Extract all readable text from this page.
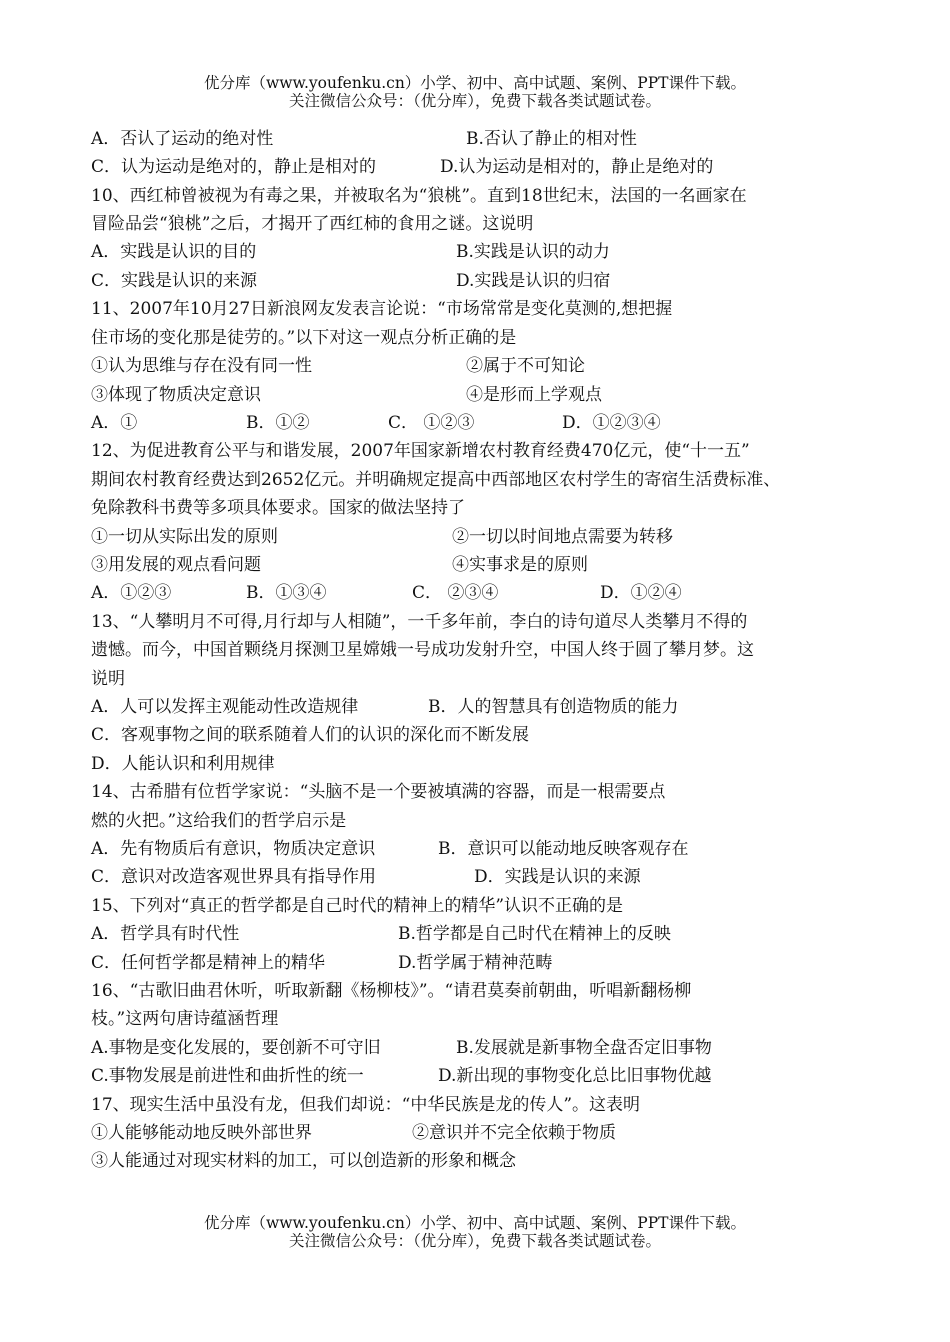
优分库（www.youfenku.cn）小学、初中、高中试题、案例、PPT课件下载。
关注微信公众号：（优分库），免费下载各类试题试卷。
A．否认了运动的绝对性	B.否认了静止的相对性
C．认为运动是绝对的，静止是相对的	D.认为运动是相对的，静止是绝对的
10、西红柿曾被视为有毒之果，并被取名为“狼桃”。直到18世纪末，法国的一名画家在
冒险品尝“狼桃”之后，才揭开了西红柿的食用之谜。这说明
A．实践是认识的目的	B.实践是认识的动力
C．实践是认识的来源	D.实践是认识的归宿
11、2007年10月27日新浪网友发表言论说：“市场常常是变化莫测的,想把握
住市场的变化那是徒劳的。”以下对这一观点分析正确的是
①认为思维与存在没有同一性	②属于不可知论
③体现了物质决定意识	④是形而上学观点
A．①	B．①②	C． ①②③	D．①②③④
12、为促进教育公平与和谐发展，2007年国家新增农村教育经费470亿元，使“十一五”
期间农村教育经费达到2652亿元。并明确规定提高中西部地区农村学生的寄宿生活费标准、
免除教科书费等多项具体要求。国家的做法坚持了
①一切从实际出发的原则	②一切以时间地点需要为转移
③用发展的观点看问题	④实事求是的原则
A．①②③	B．①③④	C． ②③④	D．①②④
13、“人攀明月不可得,月行却与人相随”，一千多年前，李白的诗句道尽人类攀月不得的
遗憾。而今，中国首颗绕月探测卫星嫦娥一号成功发射升空，中国人终于圆了攀月梦。这
说明
A．人可以发挥主观能动性改造规律	B．人的智慧具有创造物质的能力
C．客观事物之间的联系随着人们的认识的深化而不断发展
D．人能认识和利用规律
14、古希腊有位哲学家说：“头脑不是一个要被填满的容器，而是一根需要点
燃的火把。”这给我们的哲学启示是
A．先有物质后有意识，物质决定意识	B．意识可以能动地反映客观存在
C．意识对改造客观世界具有指导作用	D．实践是认识的来源
15、下列对“真正的哲学都是自己时代的精神上的精华”认识不正确的是
A．哲学具有时代性	B.哲学都是自己时代在精神上的反映
C．任何哲学都是精神上的精华	D.哲学属于精神范畴
16、“古歌旧曲君休听，听取新翻《杨柳枝》”。“请君莫奏前朝曲，听唱新翻杨柳
枝。”这两句唐诗蕴涵哲理
A.事物是变化发展的，要创新不可守旧	B.发展就是新事物全盘否定旧事物
C.事物发展是前进性和曲折性的统一	D.新出现的事物变化总比旧事物优越
17、现实生活中虽没有龙，但我们却说：“中华民族是龙的传人”。这表明
①人能够能动地反映外部世界	②意识并不完全依赖于物质
③人能通过对现实材料的加工，可以创造新的形象和概念
优分库（www.youfenku.cn）小学、初中、高中试题、案例、PPT课件下载。
关注微信公众号：（优分库），免费下载各类试题试卷。
